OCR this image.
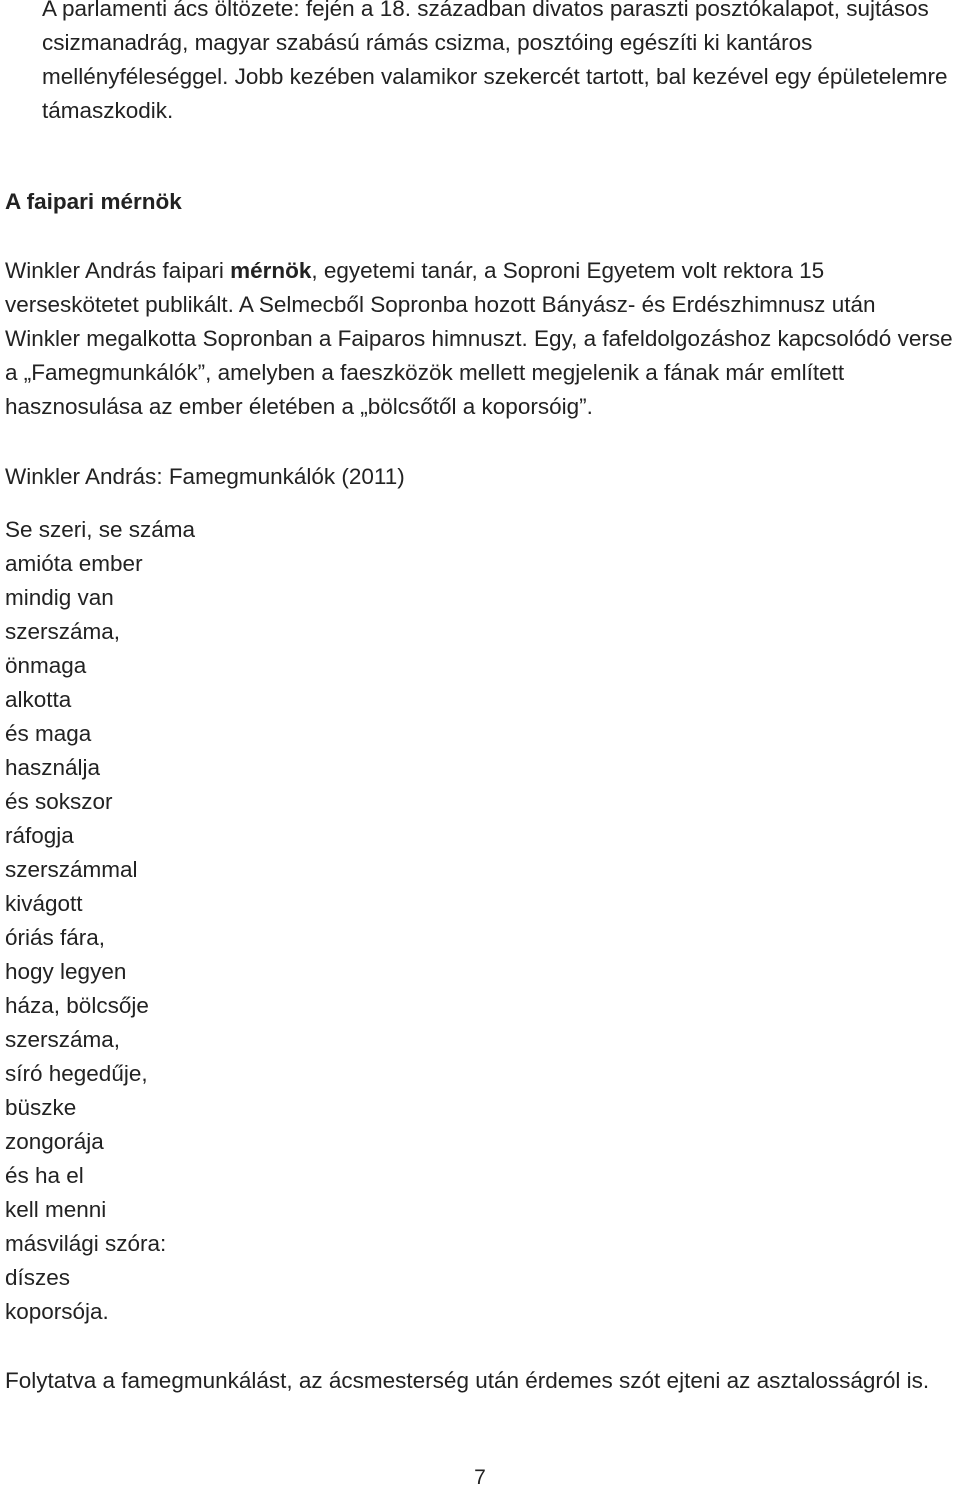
A parlamenti ács öltözete: fején a 18. században divatos paraszti posztókalapot, sujtásos csizmanadrág, magyar szabású rámás csizma, posztóing egészíti ki kantáros mellényféleséggel. Jobb kezében valamikor szekercét tartott, bal kezével egy épületelemre támaszkodik.
A faipari mérnök
Winkler András faipari mérnök, egyetemi tanár, a Soproni Egyetem volt rektora 15 verseskötetet publikált. A Selmecből Sopronba hozott Bányász- és Erdészhimnusz után Winkler megalkotta Sopronban a Faiparos himnuszt. Egy, a fafeldolgozáshoz kapcsolódó verse a „Famegmunkálók”, amelyben a faeszközök mellett megjelenik a fának már említett hasznosulása az ember életében a „bölcsőtől a koporsóig”.
Winkler András: Famegmunkálók (2011)
Se szeri, se száma
amióta ember
mindig van
szerszáma,
önmaga
alkotta
és maga
használja
és sokszor
ráfogja
szerszámmal
kivágott
óriás fára,
hogy legyen
háza, bölcsője
szerszáma,
síró hegedűje,
büszke
zongorája
és ha el
kell menni
másvilági szóra:
díszes
koporsója.
Folytatva a famegmunkálást, az ácsmesterség után érdemes szót ejteni az asztalosságról is.
7
